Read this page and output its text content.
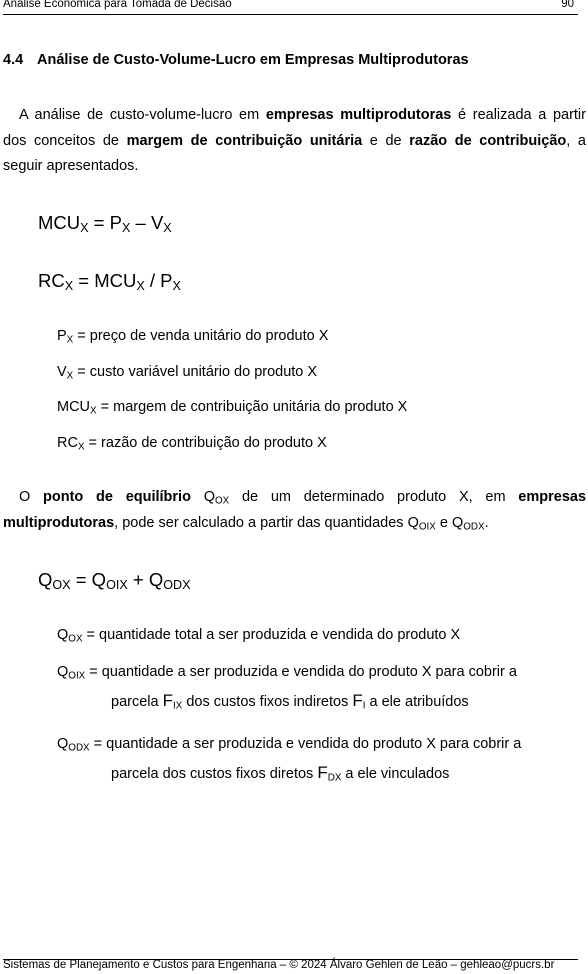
Análise Econômica para Tomada de Decisão	90
4.4 Análise de Custo-Volume-Lucro em Empresas Multiprodutoras
A análise de custo-volume-lucro em empresas multiprodutoras é realizada a partir dos conceitos de margem de contribuição unitária e de razão de contribuição, a seguir apresentados.
$MCU_X = P_X - V_X$
$RC_X = MCU_X / P_X$
$P_X$ = preço de venda unitário do produto X
$V_X$ = custo variável unitário do produto X
$MCU_X$ = margem de contribuição unitária do produto X
$RC_X$ = razão de contribuição do produto X
O ponto de equilíbrio $Q_{OX}$ de um determinado produto X, em empresas multiprodutoras, pode ser calculado a partir das quantidades $Q_{OIX}$ e $Q_{ODX}$.
$Q_{OX} = Q_{OIX} + Q_{ODX}$
$Q_{OX}$ = quantidade total a ser produzida e vendida do produto X
$Q_{OIX}$ = quantidade a ser produzida e vendida do produto X para cobrir a
parcela $F_{IX}$ dos custos fixos indiretos $F_I$ a ele atribuídos
$Q_{ODX}$ = quantidade a ser produzida e vendida do produto X para cobrir a
parcela dos custos fixos diretos $F_{DX}$ a ele vinculados
Sistemas de Planejamento e Custos para Engenharia – © 2024 Álvaro Gehlen de Leão – gehleao@pucrs.br
